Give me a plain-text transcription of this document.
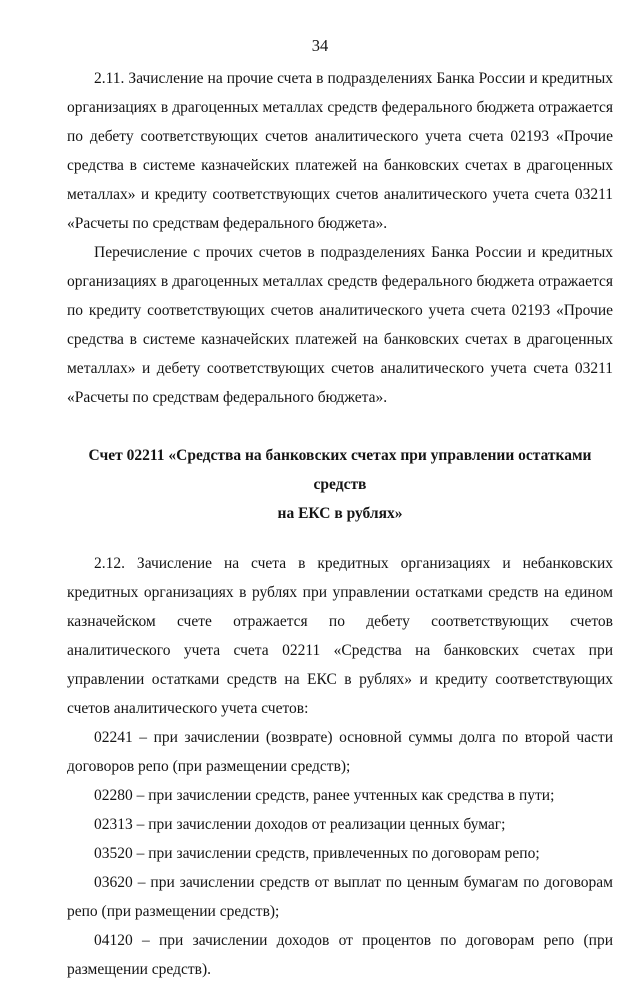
34

2.11. Зачисление на прочие счета в подразделениях Банка России и кредитных организациях в драгоценных металлах средств федерального бюджета отражается по дебету соответствующих счетов аналитического учета счета 02193 «Прочие средства в системе казначейских платежей на банковских счетах в драгоценных металлах» и кредиту соответствующих счетов аналитического учета счета 03211 «Расчеты по средствам федерального бюджета».

Перечисление с прочих счетов в подразделениях Банка России и кредитных организациях в драгоценных металлах средств федерального бюджета отражается по кредиту соответствующих счетов аналитического учета счета 02193 «Прочие средства в системе казначейских платежей на банковских счетах в драгоценных металлах» и дебету соответствующих счетов аналитического учета счета 03211 «Расчеты по средствам федерального бюджета».

Счет 02211 «Средства на банковских счетах при управлении остатками средств
на ЕКС в рублях»

2.12. Зачисление на счета в кредитных организациях и небанковских кредитных организациях в рублях при управлении остатками средств на едином казначейском счете отражается по дебету соответствующих счетов аналитического учета счета 02211 «Средства на банковских счетах при управлении остатками средств на ЕКС в рублях» и кредиту соответствующих счетов аналитического учета счетов:

02241 – при зачислении (возврате) основной суммы долга по второй части договоров репо (при размещении средств);

02280 – при зачислении средств, ранее учтенных как средства в пути;

02313 – при зачислении доходов от реализации ценных бумаг;

03520 – при зачислении средств, привлеченных по договорам репо;

03620 – при зачислении средств от выплат по ценным бумагам по договорам репо (при размещении средств);

04120 – при зачислении доходов от процентов по договорам репо (при размещении средств).
